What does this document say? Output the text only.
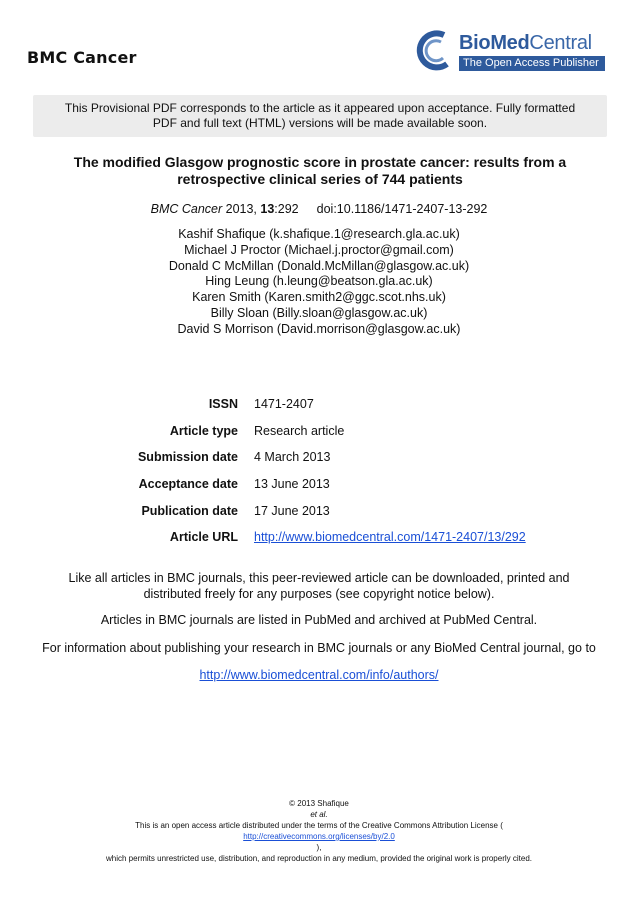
BMC Cancer
BioMedCentral
The Open Access Publisher
This Provisional PDF corresponds to the article as it appeared upon acceptance. Fully formatted
PDF and full text (HTML) versions will be made available soon.
The modified Glasgow prognostic score in prostate cancer: results from a
retrospective clinical series of 744 patients
BMC Cancer 2013, 13:292 doi:10.1186/1471-2407-13-292
Kashif Shafique (k.shafique.1@research.gla.ac.uk)
Michael J Proctor (Michael.j.proctor@gmail.com)
Donald C McMillan (Donald.McMillan@glasgow.ac.uk)
Hing Leung (h.leung@beatson.gla.ac.uk)
Karen Smith (Karen.smith2@ggc.scot.nhs.uk)
Billy Sloan (Billy.sloan@glasgow.ac.uk)
David S Morrison (David.morrison@glasgow.ac.uk)
ISSN 1471-2407
Article type Research article
Submission date 4 March 2013
Acceptance date 13 June 2013
Publication date 17 June 2013
Article URL http://www.biomedcentral.com/1471-2407/13/292
Like all articles in BMC journals, this peer-reviewed article can be downloaded, printed and
distributed freely for any purposes (see copyright notice below).
Articles in BMC journals are listed in PubMed and archived at PubMed Central.
For information about publishing your research in BMC journals or any BioMed Central journal, go to
http://www.biomedcentral.com/info/authors/
© 2013 Shafique
et al.
This is an open access article distributed under the terms of the Creative Commons Attribution License (
http://creativecommons.org/licenses/by/2.0
),
which permits unrestricted use, distribution, and reproduction in any medium, provided the original work is properly cited.
